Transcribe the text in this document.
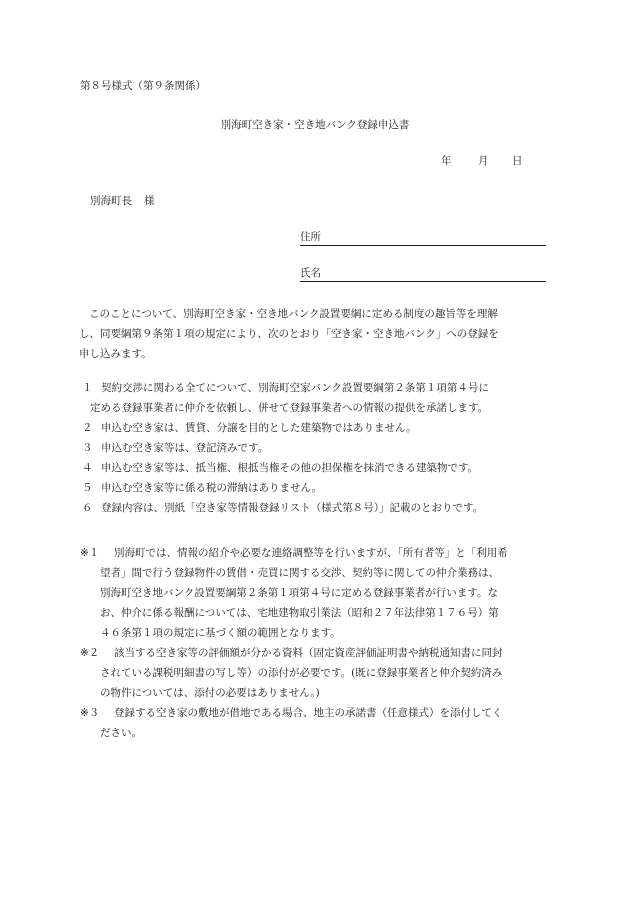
第８号様式（第９条関係）

別海町空き家・空き地バンク登録申込書

年	月 日

別海町長 様

住所
氏名
このことについて、別海町空き家・空き地バンク設置要綱に定める制度の趣旨等を理解
し、同要綱第９条第１項の規定により、次のとおり「空き家・空き地バンク」への登録を
申し込みます。
１ 契約交渉に関わる全てについて、別海町空家バンク設置要綱第２条第１項第４号に
定める登録事業者に仲介を依頼し、併せて登録事業者への情報の提供を承諾します。
２ 申込む空き家は、賃貸、分譲を目的とした建築物ではありません。
３ 申込む空き家等は、登記済みです。
４ 申込む空き家等は、抵当権、根抵当権その他の担保権を抹消できる建築物です。
５ 申込む空き家等に係る税の滞納はありません。
６ 登録内容は、別紙「空き家等情報登録リスト（様式第８号）」記載のとおりです。
※１	別海町では、情報の紹介や必要な連絡調整等を行いますが、「所有者等」と「利用希
望者」間で行う登録物件の賃借・売買に関する交渉、契約等に関しての仲介業務は、
別海町空き地バンク設置要綱第２条第１項第４号に定める登録事業者が行います。な
お、仲介に係る報酬については、宅地建物取引業法（昭和２７年法律第１７６号）第
４６条第１項の規定に基づく額の範囲となります。
※２	該当する空き家等の評価額が分かる資料（固定資産評価証明書や納税通知書に同封
されている課税明細書の写し等）の添付が必要です。(既に登録事業者と仲介契約済み
の物件については、添付の必要はありません。)
※３	登録する空き家の敷地が借地である場合、地主の承諾書（任意様式）を添付してく
ださい。
